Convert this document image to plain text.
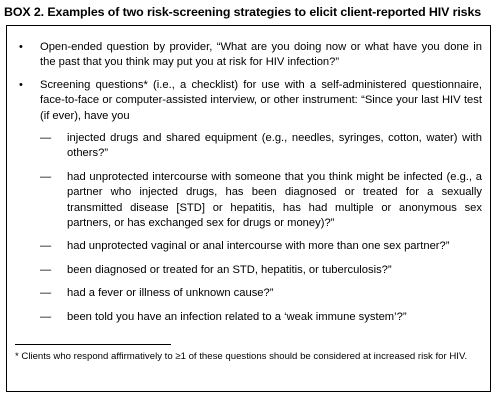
BOX 2. Examples of two risk-screening strategies to elicit client-reported HIV risks
• Open-ended question by provider, “What are you doing now or what have you done in the past that you think may put you at risk for HIV infection?”
• Screening questions* (i.e., a checklist) for use with a self-administered questionnaire, face-to-face or computer-assisted interview, or other instrument: “Since your last HIV test (if ever), have you
— injected drugs and shared equipment (e.g., needles, syringes, cotton, water) with others?”
— had unprotected intercourse with someone that you think might be infected (e.g., a partner who injected drugs, has been diagnosed or treated for a sexually transmitted disease [STD] or hepatitis, has had multiple or anonymous sex partners, or has exchanged sex for drugs or money)?”
— had unprotected vaginal or anal intercourse with more than one sex partner?”
— been diagnosed or treated for an STD, hepatitis, or tuberculosis?”
— had a fever or illness of unknown cause?”
— been told you have an infection related to a ‘weak immune system’?”
* Clients who respond affirmatively to ≥1 of these questions should be considered at increased risk for HIV.
